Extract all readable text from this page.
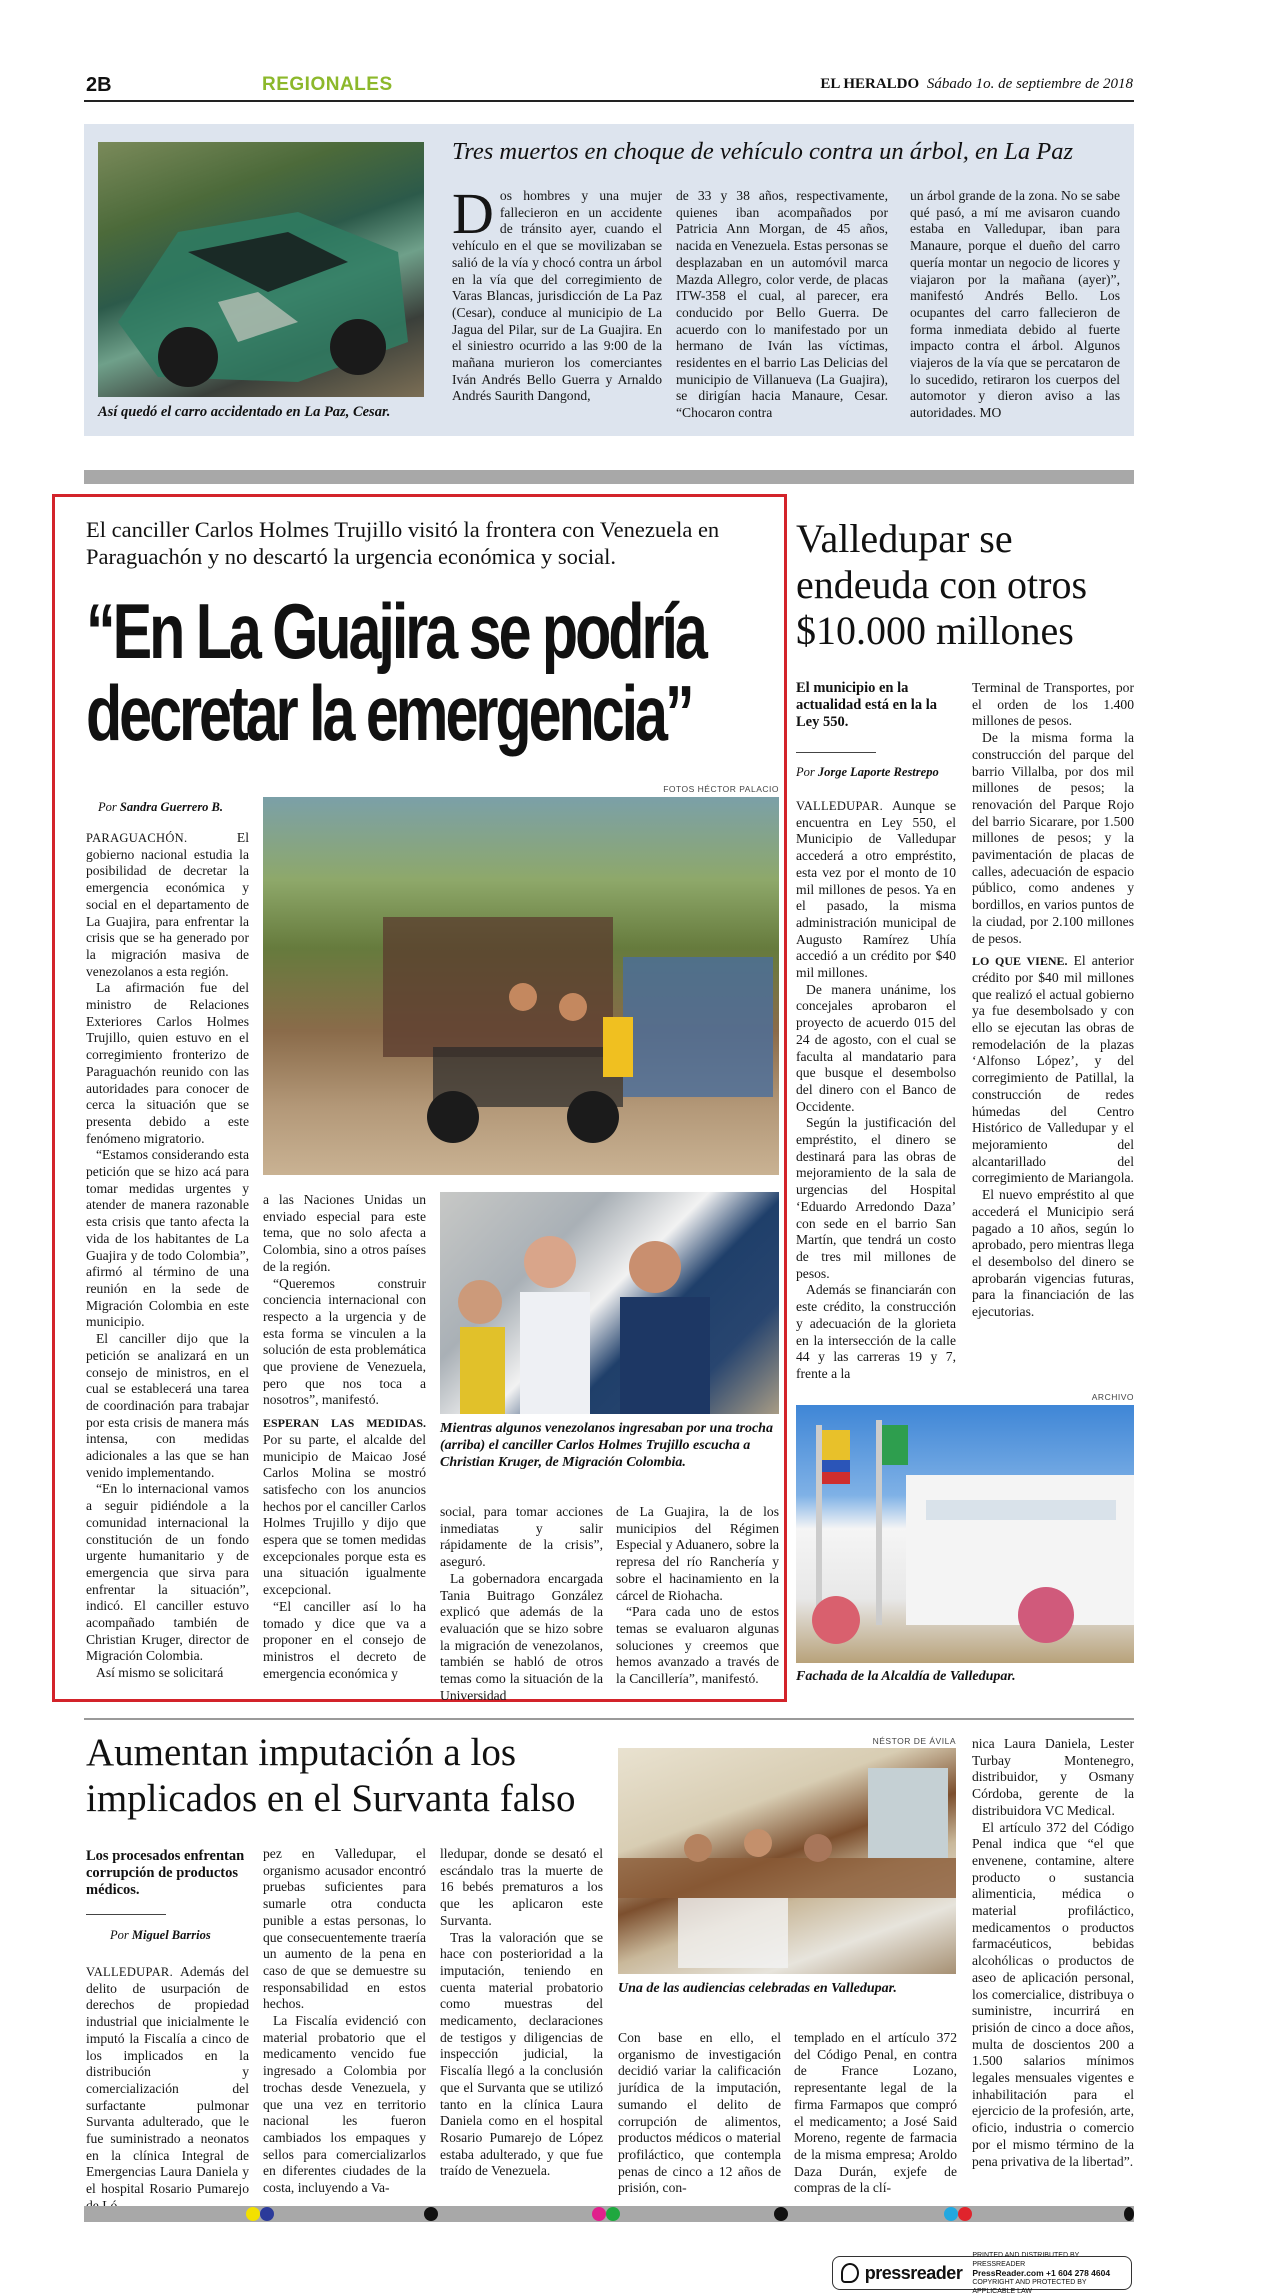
2B	REGIONALES	EL HERALDO Sábado 1o. de septiembre de 2018
Así quedó el carro accidentado en La Paz, Cesar.
Tres muertos en choque de vehículo contra un árbol, en La Paz
D os hombres y una mujer fallecieron en un accidente de tránsito ayer, cuando el vehículo en el que se movilizaban se salió de la vía y chocó contra un árbol en la vía que del corregimiento de Varas Blancas, jurisdicción de La Paz (Cesar), conduce al municipio de La Jagua del Pilar, sur de La Guajira. En el siniestro ocurrido a las 9:00 de la mañana murieron los comerciantes Iván Andrés Bello Guerra y Arnaldo Andrés Saurith Dangond,
de 33 y 38 años, respectivamente, quienes iban acompañados por Patricia Ann Morgan, de 45 años, nacida en Venezuela. Estas personas se desplazaban en un automóvil marca Mazda Allegro, color verde, de placas ITW-358 el cual, al parecer, era conducido por Bello Guerra. De acuerdo con lo manifestado por un hermano de Iván las víctimas, residentes en el barrio Las Delicias del municipio de Villanueva (La Guajira), se dirigían hacia Manaure, Cesar. “Chocaron contra
un árbol grande de la zona. No se sabe qué pasó, a mí me avisaron cuando estaba en Valledupar, iban para Manaure, porque el dueño del carro quería montar un negocio de licores y viajaron por la mañana (ayer)”, manifestó Andrés Bello. Los ocupantes del carro fallecieron de forma inmediata debido al fuerte impacto contra el árbol. Algunos viajeros de la vía que se percataron de lo sucedido, retiraron los cuerpos del automotor y dieron aviso a las autoridades. MO
El canciller Carlos Holmes Trujillo visitó la frontera con Venezuela en Paraguachón y no descartó la urgencia económica y social.
“En La Guajira se podría decretar la emergencia”
FOTOS HÉCTOR PALACIO
Por Sandra Guerrero B.

PARAGUACHÓN.	El gobierno nacional estudia la posibilidad de decretar la emergencia económica y social en el departamento de La Guajira, para enfrentar la crisis que se ha generado por la migración masiva de venezolanos a esta región.

La afirmación fue del ministro de Relaciones Exteriores Carlos Holmes Trujillo, quien estuvo en el corregimiento fronterizo de Paraguachón reunido con las autoridades para conocer de cerca la situación que se presenta debido a este fenómeno migratorio.

“Estamos considerando esta petición que se hizo acá para tomar medidas urgentes y atender de manera razonable esta crisis que tanto afecta la vida de los habitantes de La Guajira y de todo Colombia”, afirmó al término de una reunión en la sede de Migración Colombia en este municipio.

El canciller dijo que la petición se analizará en un consejo de ministros, en el cual se establecerá una tarea de coordinación para trabajar por esta crisis de manera más intensa, con medidas adicionales a las que se han venido implementando.

“En lo internacional vamos a seguir pidiéndole a la comunidad internacional la constitución de un fondo urgente humanitario y de emergencia que sirva para enfrentar la situación”, indicó. El canciller estuvo acompañado también de Christian Kruger, director de Migración Colombia.

Así mismo se solicitará

a las Naciones Unidas un enviado especial para este tema, que no solo afecta a Colombia, sino a otros países de la región.

“Queremos construir conciencia internacional con respecto a la urgencia y de esta forma se vinculen a la solución de esta problemática que proviene de Venezuela, pero que nos toca a nosotros”, manifestó.

ESPERAN LAS MEDIDAS. Por su parte, el alcalde del municipio de Maicao José Carlos Molina se mostró satisfecho con los anuncios hechos por el canciller Carlos Holmes Trujillo y dijo que espera que se tomen medidas excepcionales porque esta es una situación igualmente excepcional.

“El canciller así lo ha tomado y dice que va a proponer en el consejo de ministros el decreto de emergencia económica y

Mientras algunos venezolanos ingresaban por una trocha (arriba) el canciller Carlos Holmes Trujillo escucha a Christian Kruger, de Migración Colombia.

social, para tomar acciones inmediatas y salir rápidamente de la crisis”, aseguró.

La gobernadora encargada Tania Buitrago González explicó que además de la evaluación que se hizo sobre la migración de venezolanos, también se habló de otros temas como la situación de la Universidad

de La Guajira, la de los municipios del Régimen Especial y Aduanero, sobre la represa del río Ranchería y sobre el hacinamiento en la cárcel de Riohacha.

“Para cada uno de estos temas se evaluaron algunas soluciones y creemos que hemos avanzado a través de la Cancillería”, manifestó.

Valledupar se endeuda con otros $10.000 millones
El municipio en la actualidad está en la la Ley 550.
Por Jorge Laporte Restrepo

VALLEDUPAR. Aunque se encuentra en Ley 550, el Municipio de Valledupar accederá a otro empréstito, esta vez por el monto de 10 mil millones de pesos. Ya en el pasado, la misma administración municipal de Augusto Ramírez Uhía accedió a un crédito por $40 mil millones.

De manera unánime, los concejales aprobaron el proyecto de acuerdo 015 del 24 de agosto, con el cual se faculta al mandatario para que busque el desembolso del dinero con el Banco de Occidente.

Según la justificación del empréstito, el dinero se destinará para las obras de mejoramiento de la sala de urgencias del Hospital ‘Eduardo Arredondo Daza’ con sede en el barrio San Martín, que tendrá un costo de tres mil millones de pesos.

Además se financiarán con este crédito, la construcción y adecuación de la glorieta en la intersección de la calle 44 y las carreras 19 y 7, frente a la

Terminal de Transportes, por el orden de los 1.400 millones de pesos.

De la misma forma la construcción del parque del barrio Villalba, por dos mil millones de pesos; la renovación del Parque Rojo del barrio Sicarare, por 1.500 millones de pesos; y la pavimentación de placas de calles, adecuación de espacio público, como andenes y bordillos, en varios puntos de la ciudad, por 2.100 millones de pesos.

LO QUE VIENE. El anterior crédito por $40 mil millones que realizó el actual gobierno ya fue desembolsado y con ello se ejecutan las obras de remodelación de la plazas ‘Alfonso López’, y del corregimiento de Patillal, la construcción de redes húmedas del Centro Histórico de Valledupar y el mejoramiento del alcantarillado del corregimiento de Mariangola.

El nuevo empréstito al que accederá el Municipio será pagado a 10 años, según lo aprobado, pero mientras llega el desembolso del dinero se aprobarán vigencias futuras, para la financiación de las ejecutorias.

ARCHIVO
Fachada de la Alcaldía de Valledupar.
Aumentan imputación a los implicados en el Survanta falso
Los procesados enfrentan corrupción de productos médicos.
Por Miguel Barrios

VALLEDUPAR. Además del delito de usurpación de derechos de propiedad industrial que inicialmente le imputó la Fiscalía a cinco de los implicados en la distribución y comercialización del surfactante pulmonar Survanta adulterado, que le fue suministrado a neonatos en la clínica Integral de Emergencias Laura Daniela y el hospital Rosario Pumarejo

pez en Valledupar, el organismo acusador encontró pruebas suficientes para sumarle otra conducta punible a estas personas, lo que consecuentemente traería un aumento de la pena en caso de que se demuestre su responsabilidad en estos hechos.

La Fiscalía evidenció con material probatorio que el medicamento vencido fue ingresado a Colombia por trochas desde Venezuela, y que una vez en territorio nacional les fueron cambiados los empaques y sellos para comercializarlos en diferentes ciudades de la costa, incluyendo a Va-

lledupar, donde se desató el escándalo tras la muerte de 16 bebés prematuros a los que les aplicaron este Survanta.

Tras la valoración que se hace con posterioridad a la imputación, teniendo en cuenta material probatorio como muestras del medicamento, declaraciones de testigos y diligencias de inspección judicial, la Fiscalía llegó a la conclusión que el Survanta que se utilizó tanto en la clínica Laura Daniela como en el hospital Rosario Pumarejo de López estaba adulterado, y que fue traído de Venezuela.

NÉSTOR DE ÁVILA
Una de las audiencias celebradas en Valledupar.

Con base en ello, el organismo de investigación decidió variar la calificación jurídica de la imputación, sumando el delito de corrupción de alimentos, productos médicos o material profiláctico, que contempla penas de cinco a 12 años de prisión, con-

templado en el artículo 372 del Código Penal, en contra de France Lozano, representante legal de la firma Farmapos que compró el medicamento; a José Said Moreno, regente de farmacia de la misma empresa; Aroldo Daza Durán, exjefe de compras de la clí-

nica Laura Daniela, Lester Turbay Montenegro, distribuidor, y Osmany Córdoba, gerente de la distribuidora VC Medical.

El artículo 372 del Código Penal indica que “el que envenene, contamine, altere producto o sustancia alimenticia, médica o material profiláctico, medicamentos o productos farmacéuticos, bebidas alcohólicas o productos de aseo de aplicación personal, los comercialice, distribuya o suministre, incurrirá en prisión de cinco a doce años, multa de doscientos 200 a 1.500 salarios mínimos legales mensuales vigentes e inhabilitación para el ejercicio de la profesión, arte, oficio, industria o comercio por el mismo término de la pena privativa de la libertad”.

pressreader
PRINTED AND DISTRIBUTED BY PRESSREADER
PressReader.com +1 604 278 4604
COPYRIGHT AND PROTECTED BY APPLICABLE LAW
